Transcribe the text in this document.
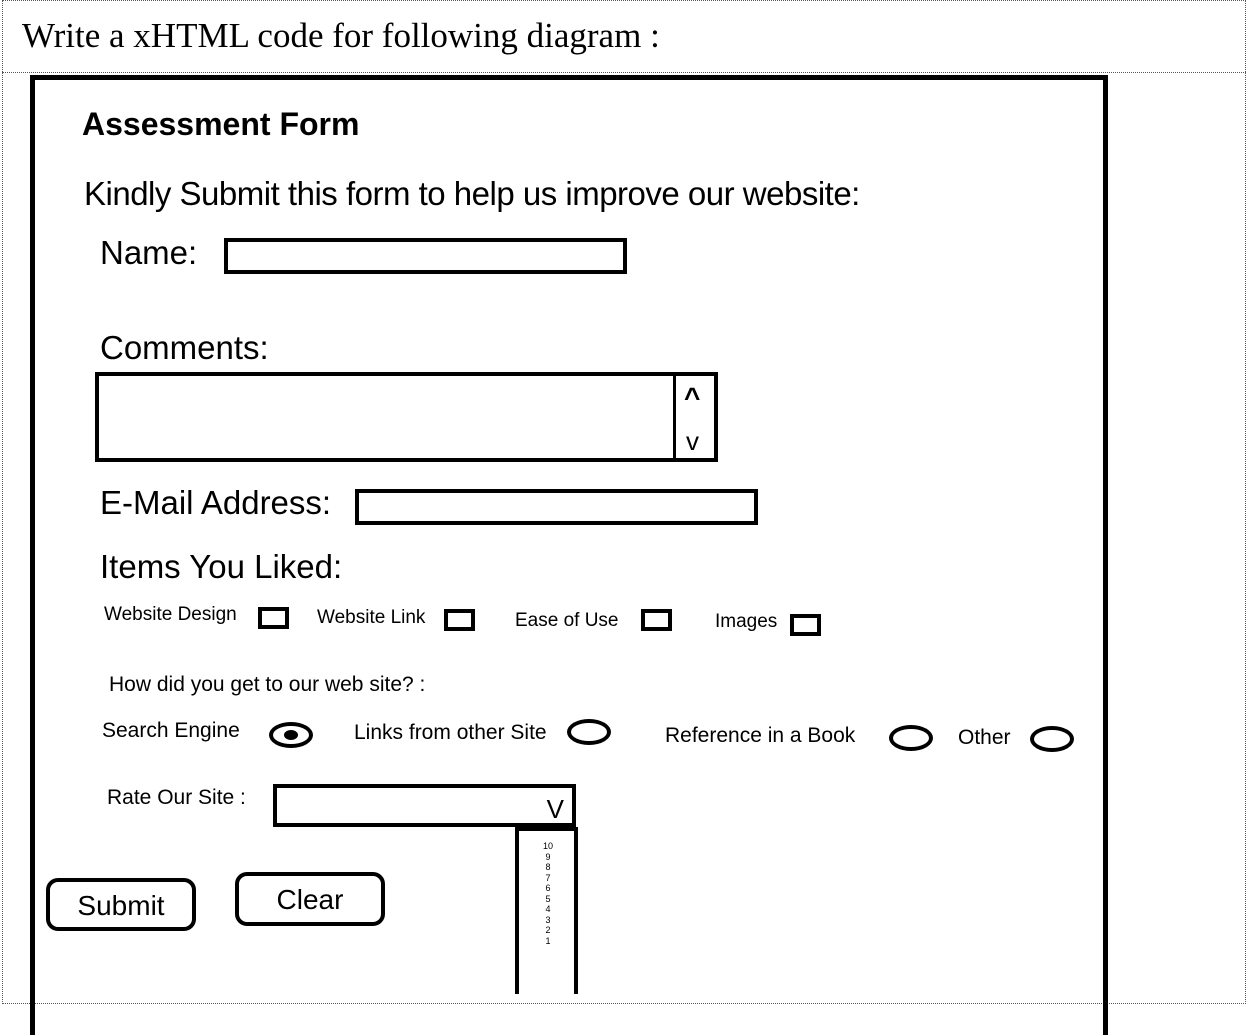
Write a xHTML code for following diagram :
Assessment Form
Kindly Submit this form to help us improve our website:
Name:
Comments:
^
v
E-Mail Address:
Items You Liked:
Website Design	Website Link	Ease of Use	Images
How did you get to our web site? :
Search Engine	Links from other Site	Reference in a Book	Other
Rate Our Site :	V
10
9
8
7
6
5
4
3
2
1
Submit	Clear
